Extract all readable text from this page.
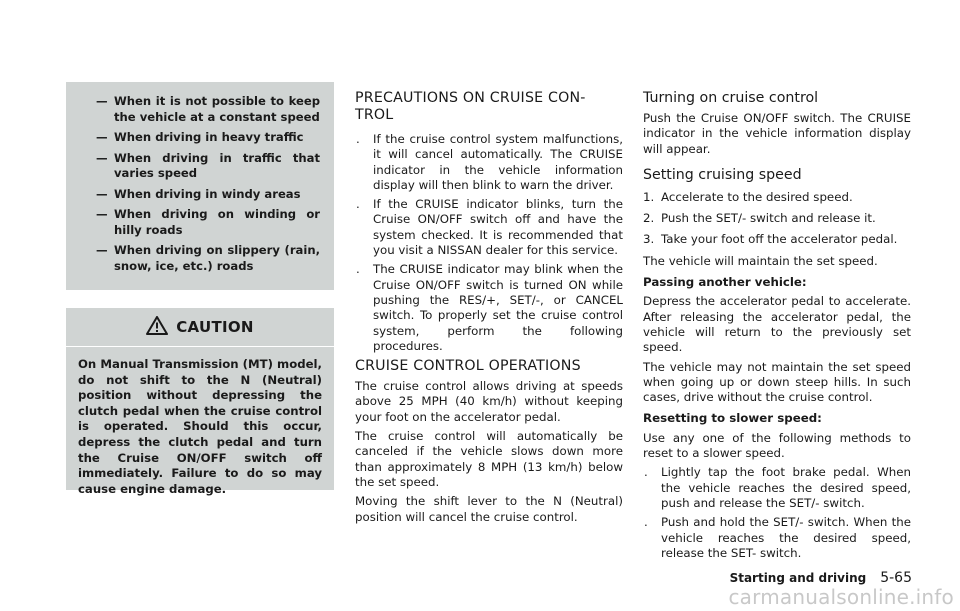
— When it is not possible to keep the vehicle at a constant speed
— When driving in heavy traffic
— When driving in traffic that varies speed
— When driving in windy areas
— When driving on winding or hilly roads
— When driving on slippery (rain, snow, ice, etc.) roads
CAUTION
On Manual Transmission (MT) model, do not shift to the N (Neutral) position without depressing the clutch pedal when the cruise control is operated. Should this occur, depress the clutch pedal and turn the Cruise ON/OFF switch off immediately. Failure to do so may cause engine damage.
PRECAUTIONS ON CRUISE CON-
TROL
. If the cruise control system malfunctions, it will cancel automatically. The CRUISE indicator in the vehicle information display will then blink to warn the driver.
. If the CRUISE indicator blinks, turn the Cruise ON/OFF switch off and have the system checked. It is recommended that you visit a NISSAN dealer for this service.
. The CRUISE indicator may blink when the Cruise ON/OFF switch is turned ON while pushing the RES/+, SET/-, or CANCEL switch. To properly set the cruise control system, perform the following procedures.
CRUISE CONTROL OPERATIONS

The cruise control allows driving at speeds above 25 MPH (40 km/h) without keeping your foot on the accelerator pedal.

The cruise control will automatically be canceled if the vehicle slows down more than approximately 8 MPH (13 km/h) below the set speed.

Moving the shift lever to the N (Neutral) position will cancel the cruise control.

Turning on cruise control

Push the Cruise ON/OFF switch. The CRUISE indicator in the vehicle information display will appear.

Setting cruising speed
1. Accelerate to the desired speed.
2. Push the SET/- switch and release it.
3. Take your foot off the accelerator pedal.

The vehicle will maintain the set speed.

Passing another vehicle:

Depress the accelerator pedal to accelerate. After releasing the accelerator pedal, the vehicle will return to the previously set speed.

The vehicle may not maintain the set speed when going up or down steep hills. In such cases, drive without the cruise control.

Resetting to slower speed:

Use any one of the following methods to reset to a slower speed.

. Lightly tap the foot brake pedal. When the vehicle reaches the desired speed, push and release the SET/- switch.
. Push and hold the SET/- switch. When the vehicle reaches the desired speed, release the SET- switch.
Starting and driving 5-65
carmanualsonline.info
